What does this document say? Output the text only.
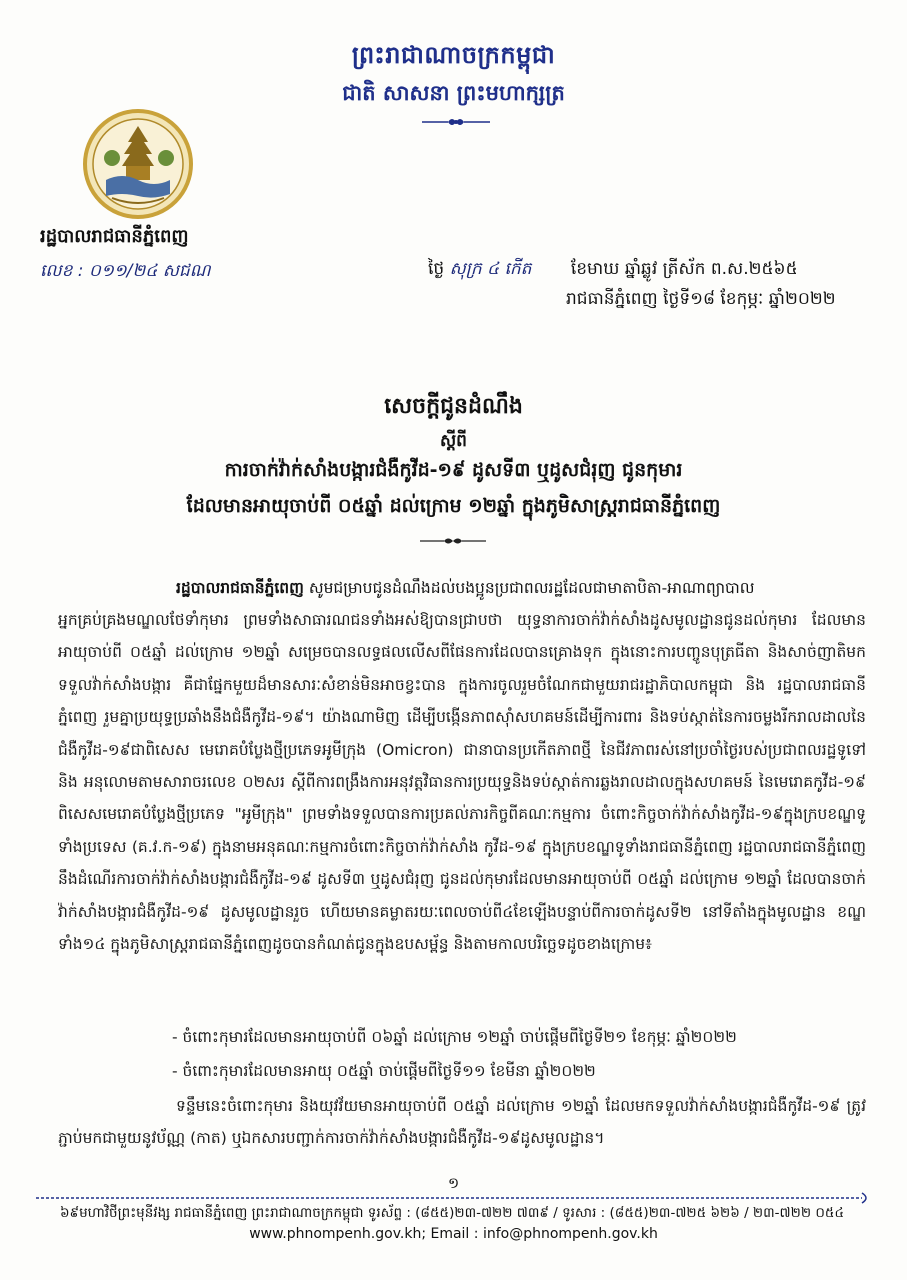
ព្រះរាជាណាចក្រកម្ពុជា
ជាតិ សាសនា ព្រះមហាក្សត្រ
រដ្ឋបាលរាជធានីភ្នំពេញ
លេខ : ០១១/២៤ សជណ	ថ្ងៃ សុក្រ ៤ កើត ខែមាឃ ឆ្នាំឆ្លូវ ត្រីស័ក ព.ស.២៥៦៥
រាជធានីភ្នំពេញ ថ្ងៃទី១៨ ខែកុម្ភៈ ឆ្នាំ២០២២
សេចក្តីជូនដំណឹង
ស្តីពី
ការចាក់វ៉ាក់សាំងបង្ការជំងឺកូវីដ-១៩ ដូសទី៣ ឬដូសជំរុញ ជូនកុមារ
ដែលមានអាយុចាប់ពី ០៥ឆ្នាំ ដល់ក្រោម ១២ឆ្នាំ ក្នុងភូមិសាស្ត្ររាជធានីភ្នំពេញ
រដ្ឋបាលរាជធានីភ្នំពេញ សូមជម្រាបជូនដំណឹងដល់បងប្អូនប្រជាពលរដ្ឋដែលជាមាតាបិតា-អាណាព្យាបាល
អ្នកគ្រប់គ្រងមណ្ឌលថែទាំកុមារ ព្រមទាំងសាធារណជនទាំងអស់ឱ្យបានជ្រាបថា យុទ្ធនាការចាក់វ៉ាក់សាំងដូសមូលដ្ឋានជូនដល់កុមារ ដែលមានអាយុចាប់ពី ០៥ឆ្នាំ ដល់ក្រោម ១២ឆ្នាំ សម្រេចបានលទ្ធផលលើសពីផែនការដែលបានគ្រោងទុក ក្នុងនោះការបញ្ចូនបុត្រធីតា និងសាច់ញាតិមកទទួលវ៉ាក់សាំងបង្ការ គឺជាផ្នែកមួយដ៏មានសារៈសំខាន់មិនអាចខ្វះបាន ក្នុងការចូលរួមចំណែកជាមួយរាជរដ្ឋាភិបាលកម្ពុជា និង រដ្ឋបាលរាជធានីភ្នំពេញ រួមគ្នាប្រយុទ្ធប្រឆាំងនឹងជំងឺកូវីដ-១៩។ យ៉ាងណាមិញ ដើម្បីបង្កើនភាពស៊ាំសហគមន៍ដើម្បីការពារ និងទប់ស្កាត់នៃការចម្លងរីករាលដាលនៃជំងឺកូវីដ-១៩ជាពិសេស មេរោគបំប្លែងថ្មីប្រភេទអូមីក្រុង (Omicron) ជានាបានប្រកើតភាពថ្មី នៃជីវភាពរស់នៅប្រចាំថ្ងៃរបស់ប្រជាពលរដ្ឋទូទៅ និង អនុលោមតាមសារាចរលេខ ០២សរ ស្តីពីការពង្រឹងការអនុវត្តវិធានការប្រយុទ្ធនិងទប់ស្កាត់ការឆ្លងរាលដាលក្នុងសហគមន៍ នៃមេរោគកូវីដ-១៩ ពិសេសមេរោគបំប្លែងថ្មីប្រភេទ "អូមីក្រុង" ព្រមទាំងទទួលបានការប្រគល់ភារកិច្ចពីគណៈកម្មការ ចំពោះកិច្ចចាក់វ៉ាក់សាំងកូវីដ-១៩ក្នុងក្របខណ្ឌទូទាំងប្រទេស (គ.វ.ក-១៩) ក្នុងនាមអនុគណៈកម្មការចំពោះកិច្ចចាក់វ៉ាក់សាំង កូវីដ-១៩ ក្នុងក្របខណ្ឌទូទាំងរាជធានីភ្នំពេញ រដ្ឋបាលរាជធានីភ្នំពេញ នឹងដំណើរការចាក់វ៉ាក់សាំងបង្ការជំងឺកូវីដ-១៩ ដូសទី៣ ឬដូសជំរុញ ជូនដល់កុមារដែលមានអាយុចាប់ពី ០៥ឆ្នាំ ដល់ក្រោម ១២ឆ្នាំ ដែលបានចាក់វ៉ាក់សាំងបង្ការជំងឺកូវីដ-១៩ ដូសមូលដ្ឋានរួច ហើយមានគម្លាតរយៈពេលចាប់ពី៤ខែឡើងបន្ទាប់ពីការចាក់ដូសទី២ នៅទីតាំងក្នុងមូលដ្ឋាន ខណ្ឌទាំង១៤ ក្នុងភូមិសាស្ត្ររាជធានីភ្នំពេញដូចបានកំណត់ជូនក្នុងឧបសម្ព័ន្ធ និងតាមកាលបរិច្ឆេទដូចខាងក្រោម៖
- ចំពោះកុមារដែលមានអាយុចាប់ពី ០៦ឆ្នាំ ដល់ក្រោម ១២ឆ្នាំ ចាប់ផ្តើមពីថ្ងៃទី២១ ខែកុម្ភៈ ឆ្នាំ២០២២
- ចំពោះកុមារដែលមានអាយុ ០៥ឆ្នាំ ចាប់ផ្តើមពីថ្ងៃទី១១ ខែមីនា ឆ្នាំ២០២២
ទន្ទឹមនេះចំពោះកុមារ និងយុវវ័យមានអាយុចាប់ពី ០៥ឆ្នាំ ដល់ក្រោម ១២ឆ្នាំ ដែលមកទទួលវ៉ាក់សាំងបង្ការជំងឺកូវីដ-១៩ ត្រូវភ្ជាប់មកជាមួយនូវប័ណ្ណ (កាត) ឬឯកសារបញ្ជាក់ការចាក់វ៉ាក់សាំងបង្ការជំងឺកូវីដ-១៩ដូសមូលដ្ឋាន។
១
៦៩មហាវិថីព្រះមុនីវង្ស រាជធានីភ្នំពេញ ព្រះរាជាណាចក្រកម្ពុជា ទូរស័ព្ទ : (៨៥៥)២៣-៧២២ ៧៣៩ / ទូរសារ : (៨៥៥)២៣-៧២៥ ៦២៦ / ២៣-៧២២ ០៥៤
www.phnompenh.gov.kh; Email : info@phnompenh.gov.kh
